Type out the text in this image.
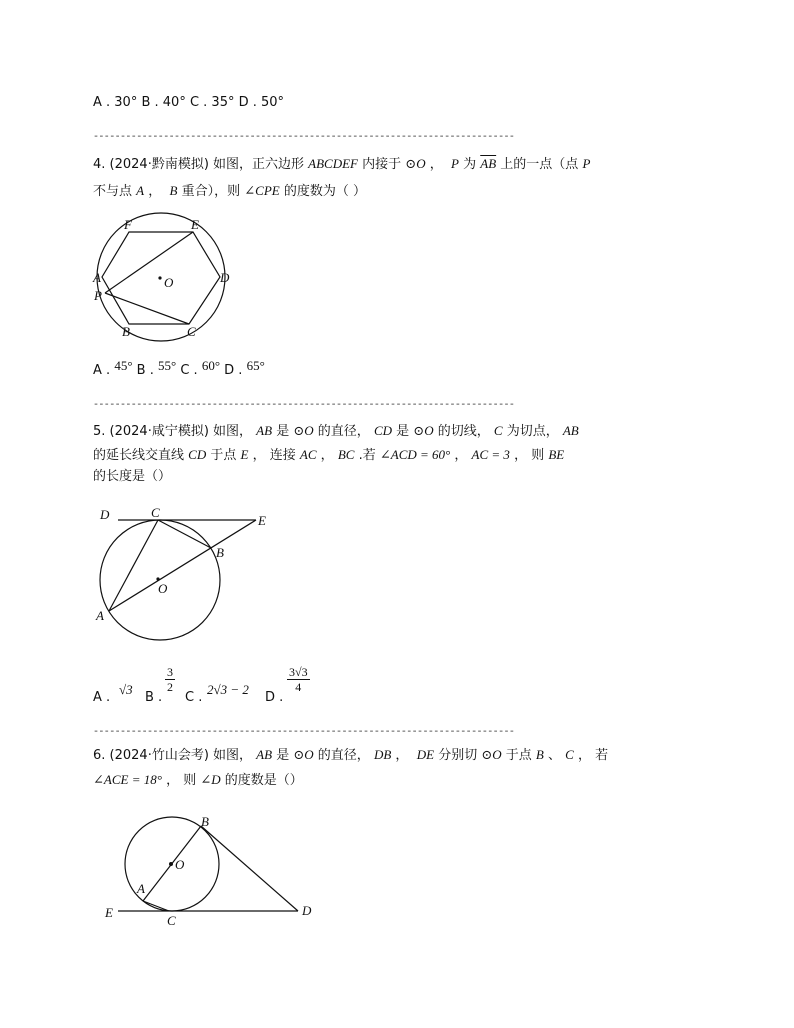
A . 30° B . 40° C . 35° D . 50°
------------------------------------------------------------------------------
4. (2024·黔南模拟) 如图，正六边形 ABCDEF 内接于 ⊙O ， P 为 $\overline{AB}$ 上的一点（点 P
不与点 A ， B 重合），则 ∠CPE 的度数为（ ）
F	E
A	D
P
O
B	C
A . 45° B . 55° C . 60° D . 65°
------------------------------------------------------------------------------
5. (2024·咸宁模拟) 如图， AB 是 ⊙O 的直径， CD 是 ⊙O 的切线， C 为切点， AB
的延长线交直线 CD 于点 E ， 连接 AC ， BC .若 ∠ACD = 60° ， AC = 3 ， 则 BE
的长度是（）
D	C
E
B
O
A
A .
√3
B .
$\frac{3}{2}$
C .
2√3 − 2
D .
$\frac{3√3}{4}$
------------------------------------------------------------------------------
6. (2024·竹山会考) 如图， AB 是 ⊙O 的直径， DB ， DE 分别切 ⊙O 于点 B 、 C ， 若
∠ACE = 18° ， 则 ∠D 的度数是（）
B
O
A
E
C
D
